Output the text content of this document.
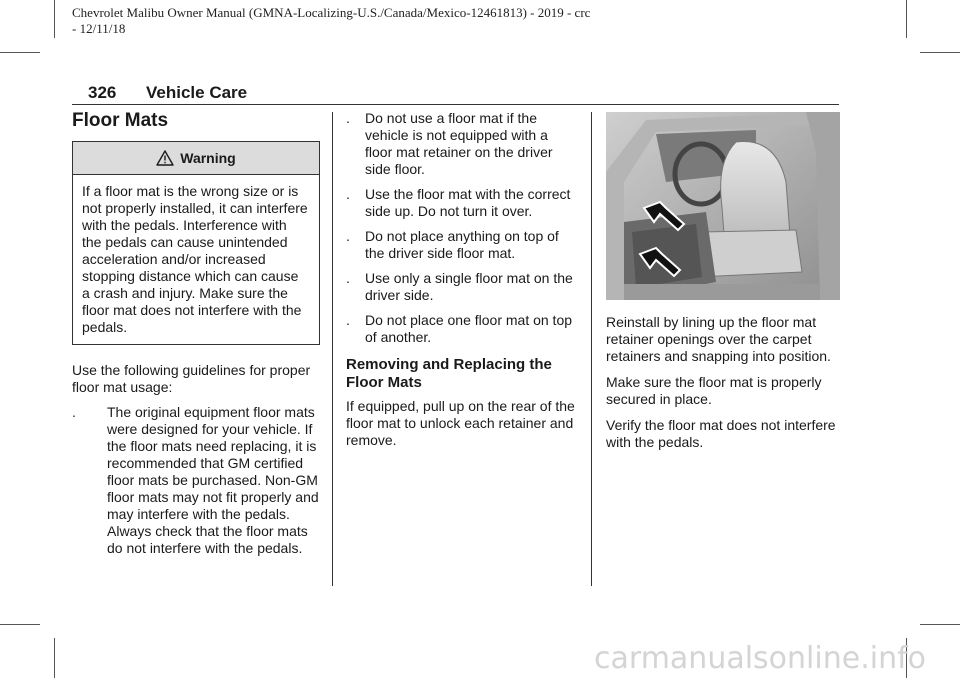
Chevrolet Malibu Owner Manual (GMNA-Localizing-U.S./Canada/Mexico-12461813) - 2019 - crc - 12/11/18
326 Vehicle Care
Floor Mats
Warning
If a floor mat is the wrong size or is not properly installed, it can interfere with the pedals. Interference with the pedals can cause unintended acceleration and/or increased stopping distance which can cause a crash and injury. Make sure the floor mat does not interfere with the pedals.

Use the following guidelines for proper floor mat usage:

. The original equipment floor mats were designed for your vehicle. If the floor mats need replacing, it is recommended that GM certified floor mats be purchased. Non-GM floor mats may not fit properly and may interfere with the pedals. Always check that the floor mats do not interfere with the pedals.
. Do not use a floor mat if the vehicle is not equipped with a floor mat retainer on the driver side floor.
. Use the floor mat with the correct side up. Do not turn it over.
. Do not place anything on top of the driver side floor mat.
. Use only a single floor mat on the driver side.
. Do not place one floor mat on top of another.
Removing and Replacing the Floor Mats

If equipped, pull up on the rear of the floor mat to unlock each retainer and remove.

Reinstall by lining up the floor mat retainer openings over the carpet retainers and snapping into position.

Make sure the floor mat is properly secured in place.

Verify the floor mat does not interfere with the pedals.

carmanualsonline.info
